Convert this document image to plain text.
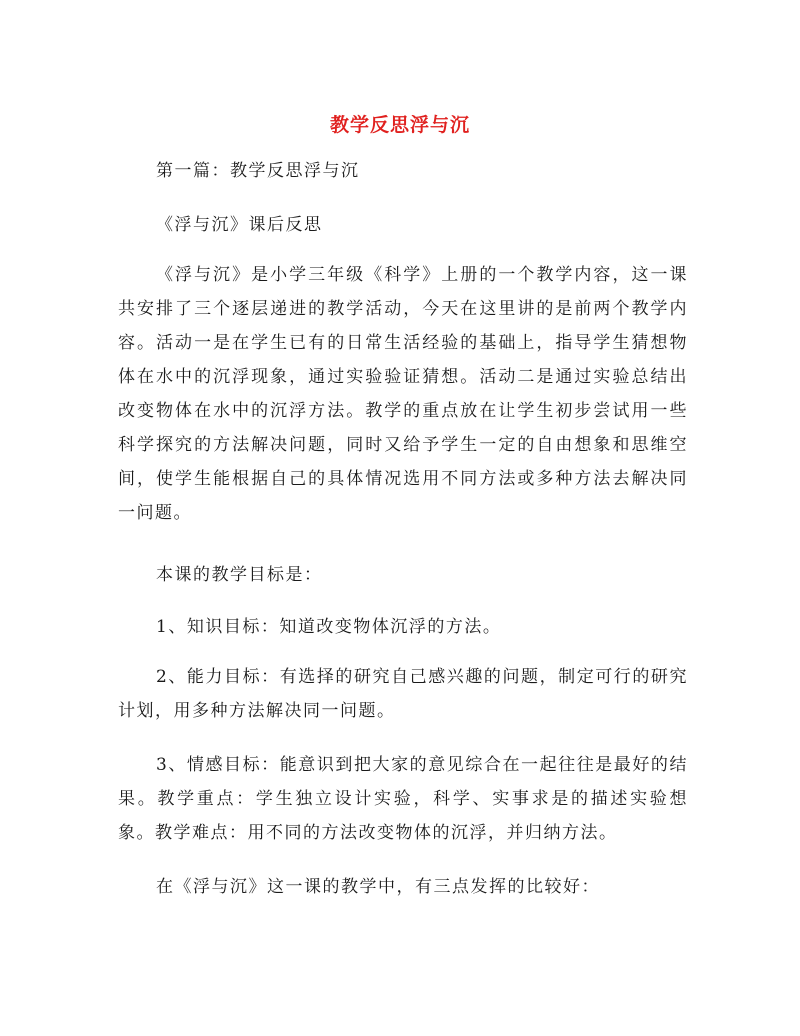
教学反思浮与沉

第一篇：教学反思浮与沉

《浮与沉》课后反思

《浮与沉》是小学三年级《科学》上册的一个教学内容，这一课共安排了三个逐层递进的教学活动，今天在这里讲的是前两个教学内容。活动一是在学生已有的日常生活经验的基础上，指导学生猜想物体在水中的沉浮现象，通过实验验证猜想。活动二是通过实验总结出改变物体在水中的沉浮方法。教学的重点放在让学生初步尝试用一些科学探究的方法解决问题，同时又给予学生一定的自由想象和思维空间，使学生能根据自己的具体情况选用不同方法或多种方法去解决同一问题。

本课的教学目标是：

1、知识目标：知道改变物体沉浮的方法。

2、能力目标：有选择的研究自己感兴趣的问题，制定可行的研究计划，用多种方法解决同一问题。

3、情感目标：能意识到把大家的意见综合在一起往往是最好的结果。教学重点：学生独立设计实验，科学、实事求是的描述实验想象。教学难点：用不同的方法改变物体的沉浮，并归纳方法。

在《浮与沉》这一课的教学中，有三点发挥的比较好：
